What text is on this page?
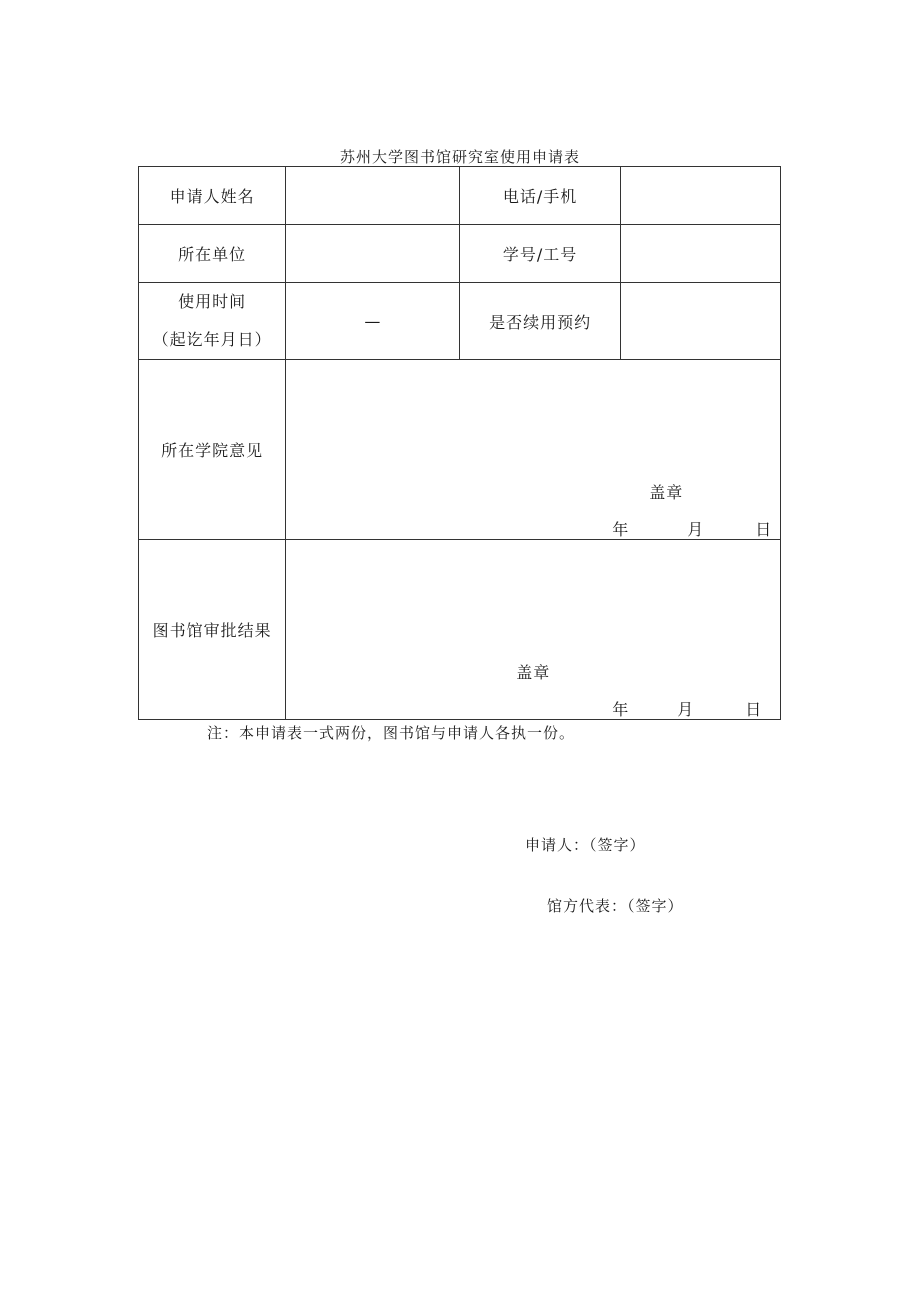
苏州大学图书馆研究室使用申请表
申请人姓名		电话/手机	
所在单位		学号/工号	

使用时间
（起讫年月日）	—	是否续用预约	
所在学院意见	盖章
年 月 日		

图书馆审批结果	盖章
年 月 日		
注：本申请表一式两份，图书馆与申请人各执一份。
申请人：（签字）
馆方代表：（签字）
